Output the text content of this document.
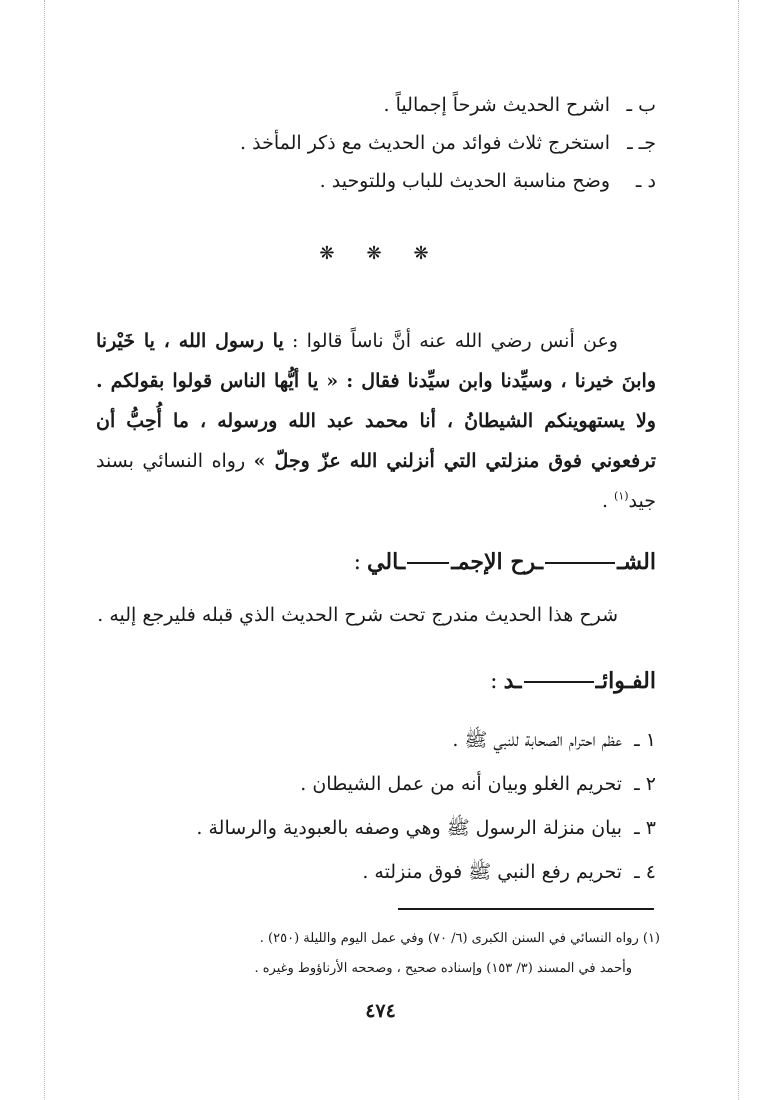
ب ـاشرح الحديث شرحاً إجمالياً .
جـ ـاستخرج ثلاث فوائد من الحديث مع ذكر المأخذ .
د ـوضح مناسبة الحديث للباب وللتوحيد .
❋❋❋

وعن أنس رضي الله عنه أنَّ ناساً قالوا : يا رسول الله ، يا خَيْرنا وابنَ خيرنا ، وسيِّدنا وابن سيِّدنا فقال : « يا أيُّها الناس قولوا بقولكم . ولا يستهوينكم الشيطانُ ، أنا محمد عبد الله ورسوله ، ما أُحِبُّ أن ترفعوني فوق منزلتي التي أنزلني الله عزّ وجلّ » رواه النسائي بسند جيد$^{(١)}$ .

الشــرح الإجمــالي:

شرح هذا الحديث مندرج تحت شرح الحديث الذي قبله فليرجع إليه .

الفـوائــد:
١ ـعظم احترام الصحابة للنبي ﷺ .
٢ ـتحريم الغلو وبيان أنه من عمل الشيطان .
٣ ـبيان منزلة الرسول ﷺ وهي وصفه بالعبودية والرسالة .
٤ ـتحريم رفع النبي ﷺ فوق منزلته .
(١) رواه النسائي في السنن الكبرى (٦/ ٧٠) وفي عمل اليوم والليلة (٢٥٠) .
وأحمد في المسند (٣/ ١٥٣) وإسناده صحيح ، وصححه الأرناؤوط وغيره .
٤٧٤
